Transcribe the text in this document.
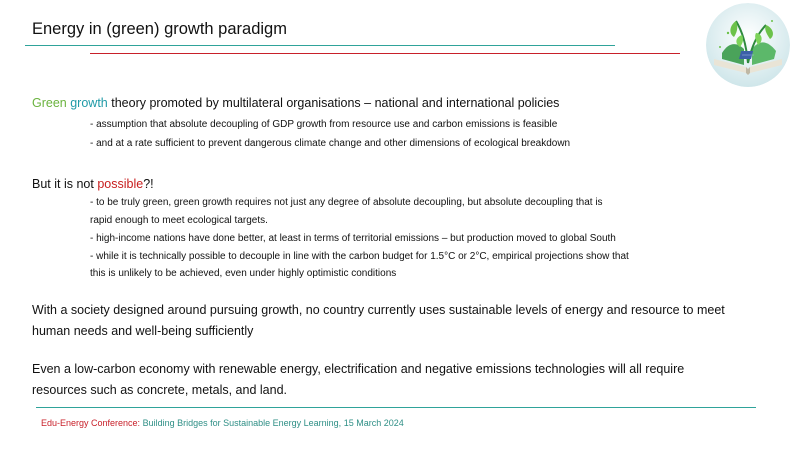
Energy in (green) growth paradigm
Green growth theory promoted by multilateral organisations – national and international policies
- assumption that absolute decoupling of GDP growth from resource use and carbon emissions is feasible
- and at a rate sufficient to prevent dangerous climate change and other dimensions of ecological breakdown
But it is not possible?!
- to be truly green, green growth requires not just any degree of absolute decoupling, but absolute decoupling that is
rapid enough to meet ecological targets.
- high-income nations have done better, at least in terms of territorial emissions – but production moved to global South
- while it is technically possible to decouple in line with the carbon budget for 1.5°C or 2°C, empirical projections show that
this is unlikely to be achieved, even under highly optimistic conditions
With a society designed around pursuing growth, no country currently uses sustainable levels of energy and resource to meet human needs and well-being sufficiently
Even a low-carbon economy with renewable energy, electrification and negative emissions technologies will all require resources such as concrete, metals, and land.
Edu-Energy Conference: Building Bridges for Sustainable Energy Learning, 15 March 2024
